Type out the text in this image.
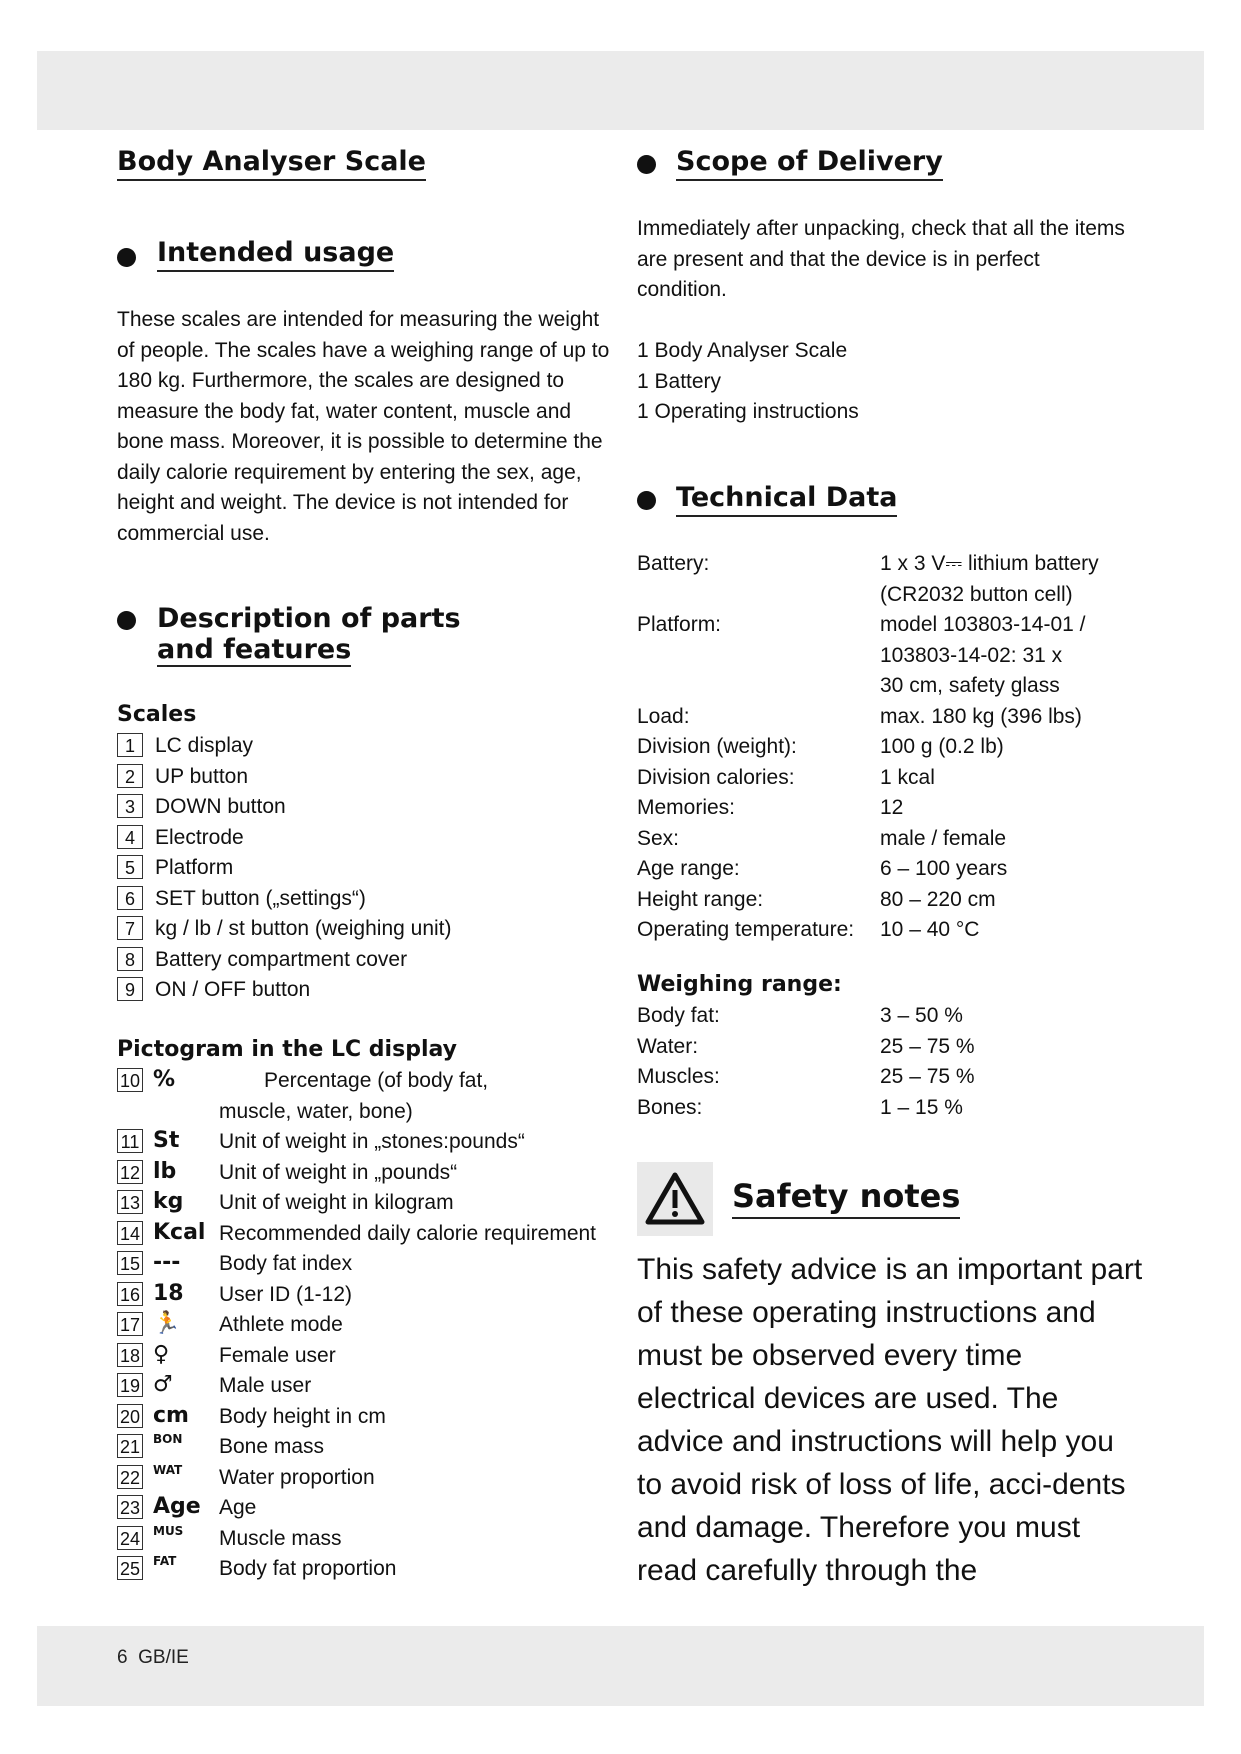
6 GB/IE
Body Analyser Scale
Intended usage

These scales are intended for measuring the weight of people. The scales have a weighing range of up to 180 kg. Furthermore, the scales are designed to measure the body fat, water content, muscle and bone mass. Moreover, it is possible to determine the daily calorie requirement by entering the sex, age, height and weight. The device is not intended for commercial use.

Description of parts
and features
Scales
1 LC display
2 UP button
3 DOWN button
4 Electrode
5 Platform
6 SET button („settings“)
7 kg / lb / st button (weighing unit)
8 Battery compartment cover
9 ON / OFF button
Pictogram in the LC display
10 %	Percentage (of body fat,
muscle, water, bone)
11 St Unit of weight in „stones:pounds“
12 lb Unit of weight in „pounds“
13 kg Unit of weight in kilogram
14 Kcal Recommended daily calorie requirement
15 --- Body fat index
16 18 User ID (1-12)
17 🏃 Athlete mode
18 ♀ Female user
19 ♂ Male user
20 cm Body height in cm
21 BON Bone mass
22 WAT Water proportion
23 Age Age
24 MUS Muscle mass
25 FAT Body fat proportion
Scope of Delivery

Immediately after unpacking, check that all the items are present and that the device is in perfect condition.

1 Body Analyser Scale
1 Battery
1 Operating instructions
Technical Data
Battery:	1 x 3 V⎓ lithium battery
(CR2032 button cell)
Platform:	model 103803-14-01 /
103803-14-02: 31 x
30 cm, safety glass
Load:	max. 180 kg (396 lbs)
Division (weight):	100 g (0.2 lb)
Division calories:	1 kcal
Memories:	12
Sex:	male / female
Age range:	6 – 100 years
Height range:	80 – 220 cm
Operating temperature: 10 – 40 °C
Weighing range:
Body fat:	3 – 50 %
Water:	25 – 75 %
Muscles:	25 – 75 %
Bones:	1 – 15 %
Safety notes

This safety advice is an important part of these operating instructions and must be observed every time electrical devices are used. The advice and instructions will help you to avoid risk of loss of life, acci-dents and damage. Therefore you must read carefully through the
